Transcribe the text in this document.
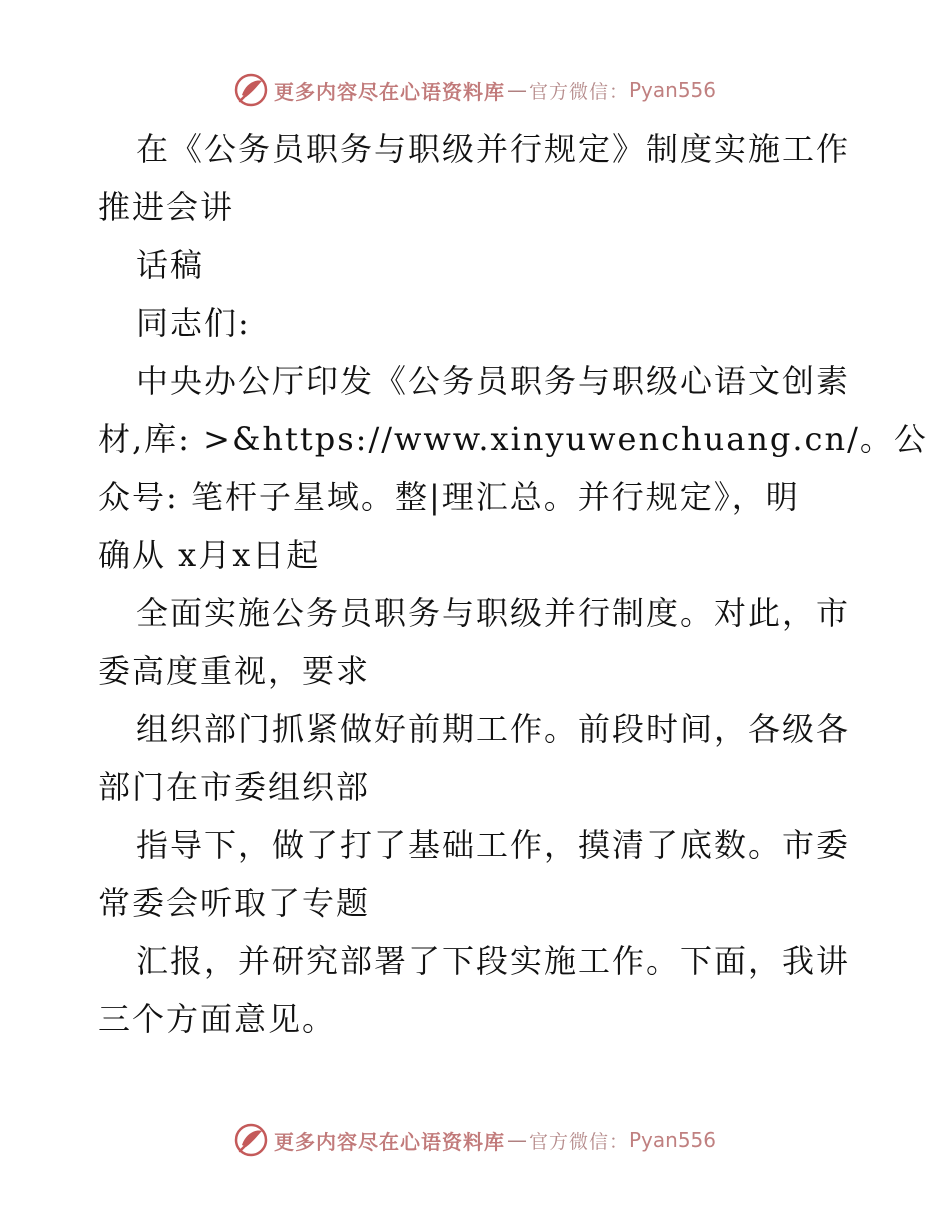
更多内容尽在心语资料库 — 官方微信： Pyan556

在《公务员职务与职级并行规定》制度实施工作

推进会讲

话稿

同志们:

中央办公厅印发《公务员职务与职级心语文创素

材,库: >&https://www.xinyuwenchuang.cn/。公

众号: 笔杆子星域。整|理汇总。并行规定》，明

确从 x月x日起

全面实施公务员职务与职级并行制度。对此，市

委高度重视，要求

组织部门抓紧做好前期工作。前段时间，各级各

部门在市委组织部

指导下，做了打了基础工作，摸清了底数。市委

常委会听取了专题

汇报，并研究部署了下段实施工作。下面，我讲

三个方面意见。

更多内容尽在心语资料库 — 官方微信： Pyan556
